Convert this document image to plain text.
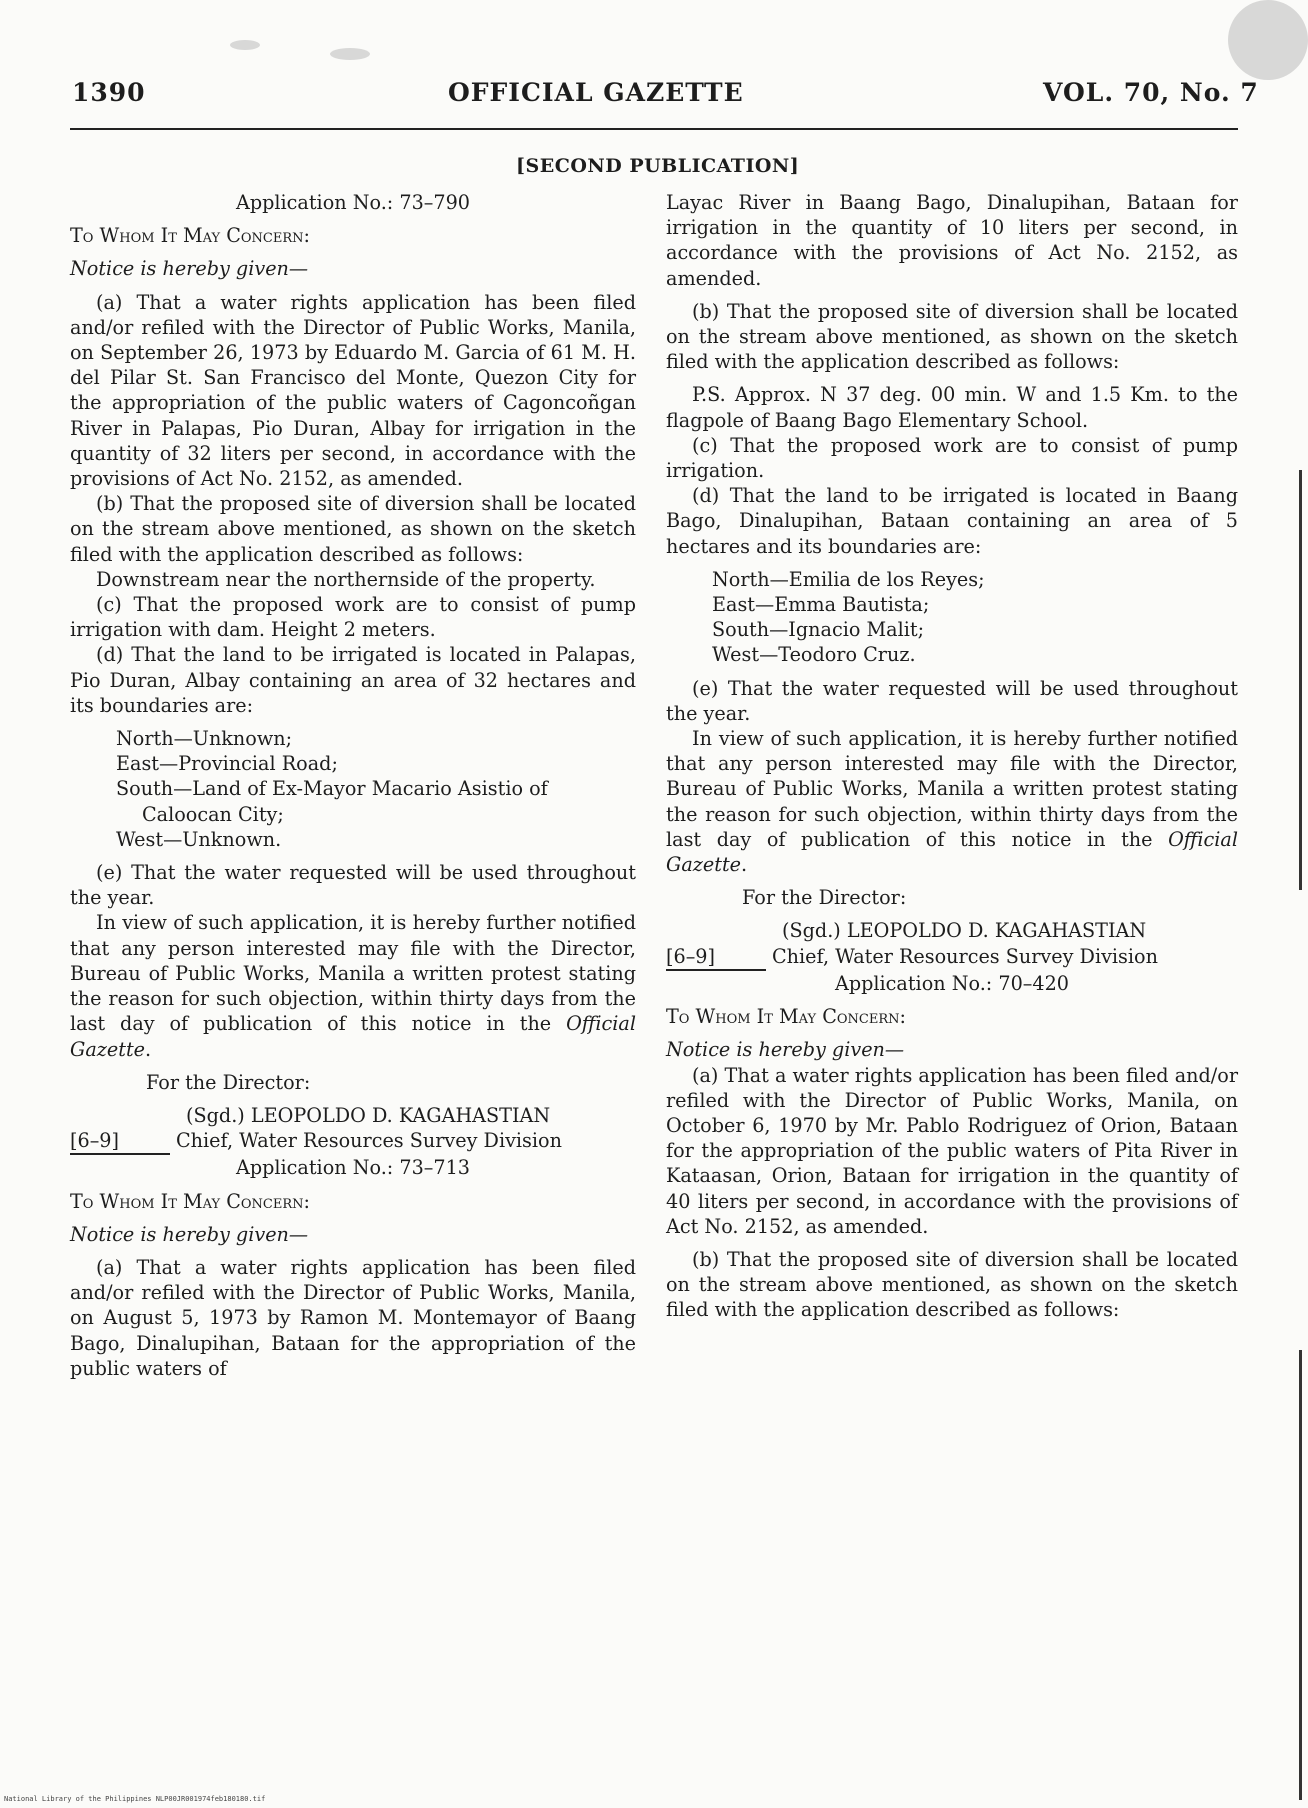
1390	OFFICIAL GAZETTE	VOL. 70, No. 7
[SECOND PUBLICATION]
Application No.: 73–790
To Whom It May Concern:
Notice is hereby given—

(a) That a water rights application has been filed and/or refiled with the Director of Public Works, Manila, on September 26, 1973 by Eduardo M. Garcia of 61 M. H. del Pilar St. San Francisco del Monte, Quezon City for the appropriation of the public waters of Cagoncoñgan River in Palapas, Pio Duran, Albay for irrigation in the quantity of 32 liters per second, in accordance with the provisions of Act No. 2152, as amended.

(b) That the proposed site of diversion shall be located on the stream above mentioned, as shown on the sketch filed with the application described as follows:

Downstream near the northernside of the property.

(c) That the proposed work are to consist of pump irrigation with dam. Height 2 meters.

(d) That the land to be irrigated is located in Palapas, Pio Duran, Albay containing an area of 32 hectares and its boundaries are:

North—Unknown;
East—Provincial Road;
South—Land of Ex-Mayor Macario Asistio of
Caloocan City;
West—Unknown.

(e) That the water requested will be used throughout the year.

In view of such application, it is hereby further notified that any person interested may file with the Director, Bureau of Public Works, Manila a written protest stating the reason for such objection, within thirty days from the last day of publication of this notice in the Official Gazette.

For the Director:
(Sgd.) LEOPOLDO D. KAGAHASTIAN
[6–9]	Chief, Water Resources Survey Division
Application No.: 73–713
To Whom It May Concern:
Notice is hereby given—

(a) That a water rights application has been filed and/or refiled with the Director of Public Works, Manila, on August 5, 1973 by Ramon M. Montemayor of Baang Bago, Dinalupihan, Bataan for the appropriation of the public waters of

Layac River in Baang Bago, Dinalupihan, Bataan for irrigation in the quantity of 10 liters per second, in accordance with the provisions of Act No. 2152, as amended.

(b) That the proposed site of diversion shall be located on the stream above mentioned, as shown on the sketch filed with the application described as follows:

P.S. Approx. N 37 deg. 00 min. W and 1.5 Km. to the flagpole of Baang Bago Elementary School.

(c) That the proposed work are to consist of pump irrigation.

(d) That the land to be irrigated is located in Baang Bago, Dinalupihan, Bataan containing an area of 5 hectares and its boundaries are:

North—Emilia de los Reyes;
East—Emma Bautista;
South—Ignacio Malit;
West—Teodoro Cruz.

(e) That the water requested will be used throughout the year.

In view of such application, it is hereby further notified that any person interested may file with the Director, Bureau of Public Works, Manila a written protest stating the reason for such objection, within thirty days from the last day of publication of this notice in the Official Gazette.

For the Director:
(Sgd.) LEOPOLDO D. KAGAHASTIAN
[6–9]	Chief, Water Resources Survey Division
Application No.: 70–420
To Whom It May Concern:
Notice is hereby given—

(a) That a water rights application has been filed and/or refiled with the Director of Public Works, Manila, on October 6, 1970 by Mr. Pablo Rodriguez of Orion, Bataan for the appropriation of the public waters of Pita River in Kataasan, Orion, Bataan for irrigation in the quantity of 40 liters per second, in accordance with the provisions of Act No. 2152, as amended.

(b) That the proposed site of diversion shall be located on the stream above mentioned, as shown on the sketch filed with the application described as follows:

National Library of the Philippines NLP00JR001974feb180180.tif
